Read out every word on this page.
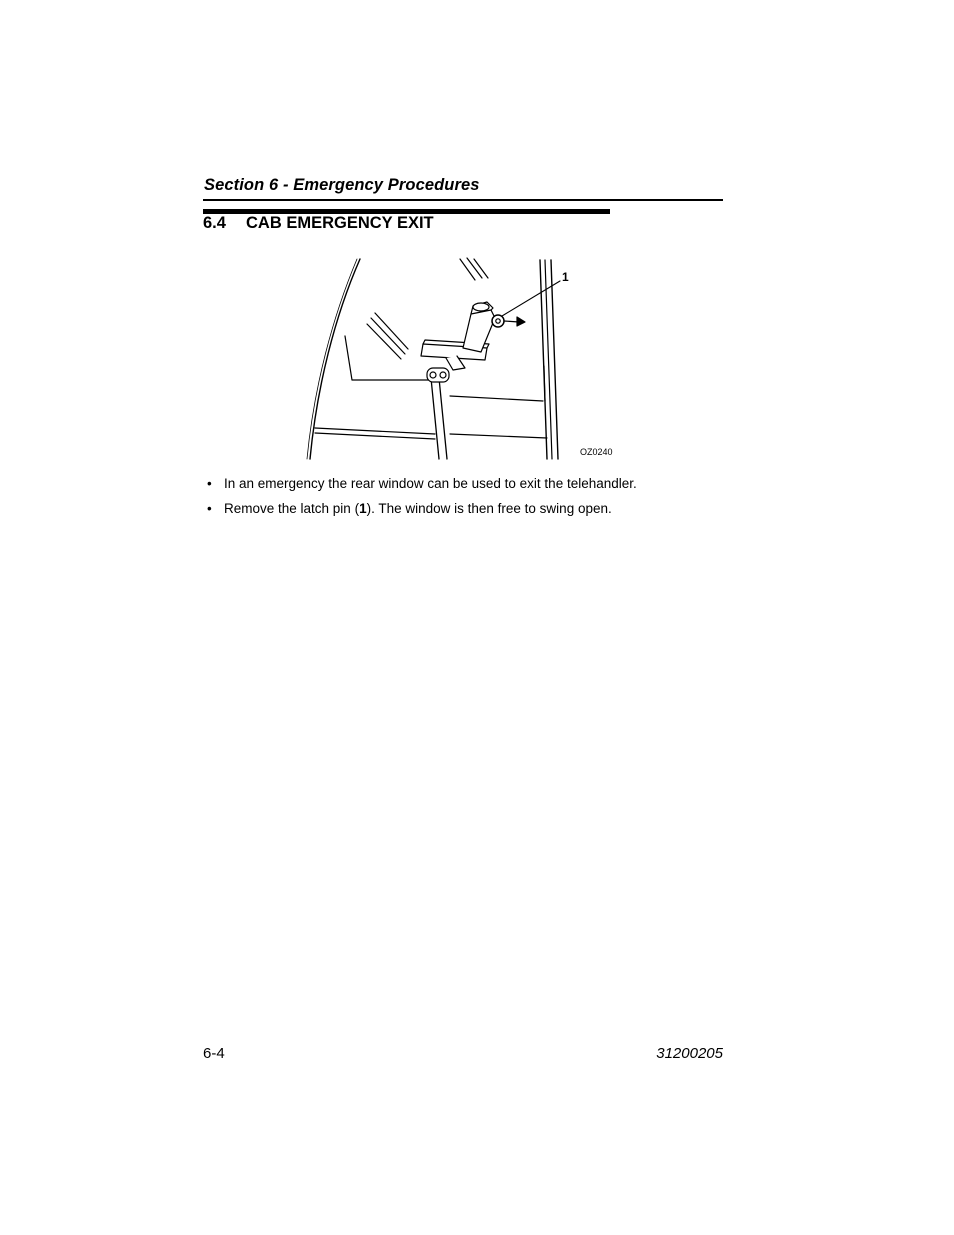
Section 6 - Emergency Procedures
6.4	CAB EMERGENCY EXIT
1
OZ0240
• In an emergency the rear window can be used to exit the telehandler.
• Remove the latch pin (1). The window is then free to swing open.
6-4	31200205
